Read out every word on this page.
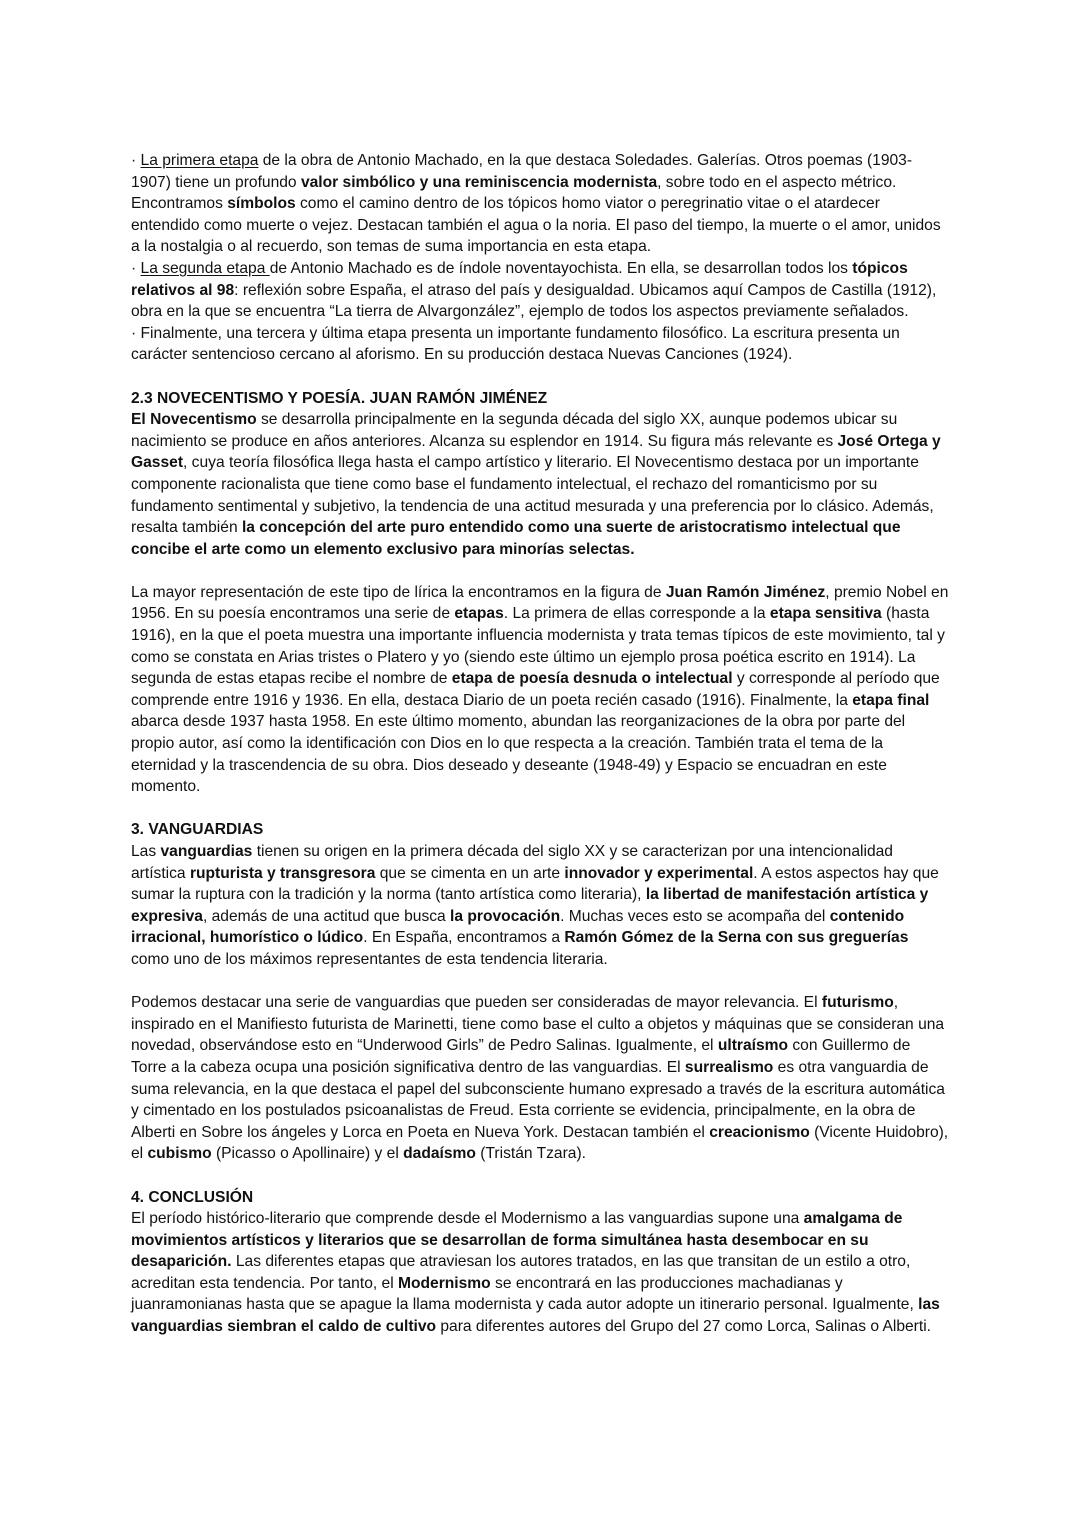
· La primera etapa de la obra de Antonio Machado, en la que destaca Soledades. Galerías. Otros poemas (1903-1907) tiene un profundo valor simbólico y una reminiscencia modernista, sobre todo en el aspecto métrico. Encontramos símbolos como el camino dentro de los tópicos homo viator o peregrinatio vitae o el atardecer entendido como muerte o vejez. Destacan también el agua o la noria. El paso del tiempo, la muerte o el amor, unidos a la nostalgia o al recuerdo, son temas de suma importancia en esta etapa.

· La segunda etapa de Antonio Machado es de índole noventayochista. En ella, se desarrollan todos los tópicos relativos al 98: reflexión sobre España, el atraso del país y desigualdad. Ubicamos aquí Campos de Castilla (1912), obra en la que se encuentra “La tierra de Alvargonzález”, ejemplo de todos los aspectos previamente señalados.

· Finalmente, una tercera y última etapa presenta un importante fundamento filosófico. La escritura presenta un carácter sentencioso cercano al aforismo. En su producción destaca Nuevas Canciones (1924).

2.3 NOVECENTISMO Y POESÍA. JUAN RAMÓN JIMÉNEZ

El Novecentismo se desarrolla principalmente en la segunda década del siglo XX, aunque podemos ubicar su nacimiento se produce en años anteriores. Alcanza su esplendor en 1914. Su figura más relevante es José Ortega y Gasset, cuya teoría filosófica llega hasta el campo artístico y literario. El Novecentismo destaca por un importante componente racionalista que tiene como base el fundamento intelectual, el rechazo del romanticismo por su fundamento sentimental y subjetivo, la tendencia de una actitud mesurada y una preferencia por lo clásico. Además, resalta también la concepción del arte puro entendido como una suerte de aristocratismo intelectual que concibe el arte como un elemento exclusivo para minorías selectas.

La mayor representación de este tipo de lírica la encontramos en la figura de Juan Ramón Jiménez, premio Nobel en 1956. En su poesía encontramos una serie de etapas. La primera de ellas corresponde a la etapa sensitiva (hasta 1916), en la que el poeta muestra una importante influencia modernista y trata temas típicos de este movimiento, tal y como se constata en Arias tristes o Platero y yo (siendo este último un ejemplo prosa poética escrito en 1914). La segunda de estas etapas recibe el nombre de etapa de poesía desnuda o intelectual y corresponde al período que comprende entre 1916 y 1936. En ella, destaca Diario de un poeta recién casado (1916). Finalmente, la etapa final abarca desde 1937 hasta 1958. En este último momento, abundan las reorganizaciones de la obra por parte del propio autor, así como la identificación con Dios en lo que respecta a la creación. También trata el tema de la eternidad y la trascendencia de su obra. Dios deseado y deseante (1948-49) y Espacio se encuadran en este momento.

3. VANGUARDIAS

Las vanguardias tienen su origen en la primera década del siglo XX y se caracterizan por una intencionalidad artística rupturista y transgresora que se cimenta en un arte innovador y experimental. A estos aspectos hay que sumar la ruptura con la tradición y la norma (tanto artística como literaria), la libertad de manifestación artística y expresiva, además de una actitud que busca la provocación. Muchas veces esto se acompaña del contenido irracional, humorístico o lúdico. En España, encontramos a Ramón Gómez de la Serna con sus greguerías como uno de los máximos representantes de esta tendencia literaria.

Podemos destacar una serie de vanguardias que pueden ser consideradas de mayor relevancia. El futurismo, inspirado en el Manifiesto futurista de Marinetti, tiene como base el culto a objetos y máquinas que se consideran una novedad, observándose esto en “Underwood Girls” de Pedro Salinas. Igualmente, el ultraísmo con Guillermo de Torre a la cabeza ocupa una posición significativa dentro de las vanguardias. El surrealismo es otra vanguardia de suma relevancia, en la que destaca el papel del subconsciente humano expresado a través de la escritura automática y cimentado en los postulados psicoanalistas de Freud. Esta corriente se evidencia, principalmente, en la obra de Alberti en Sobre los ángeles y Lorca en Poeta en Nueva York. Destacan también el creacionismo (Vicente Huidobro), el cubismo (Picasso o Apollinaire) y el dadaísmo (Tristán Tzara).

4. CONCLUSIÓN

El período histórico-literario que comprende desde el Modernismo a las vanguardias supone una amalgama de movimientos artísticos y literarios que se desarrollan de forma simultánea hasta desembocar en su desaparición. Las diferentes etapas que atraviesan los autores tratados, en las que transitan de un estilo a otro, acreditan esta tendencia. Por tanto, el Modernismo se encontrará en las producciones machadianas y juanramonianas hasta que se apague la llama modernista y cada autor adopte un itinerario personal. Igualmente, las vanguardias siembran el caldo de cultivo para diferentes autores del Grupo del 27 como Lorca, Salinas o Alberti.
